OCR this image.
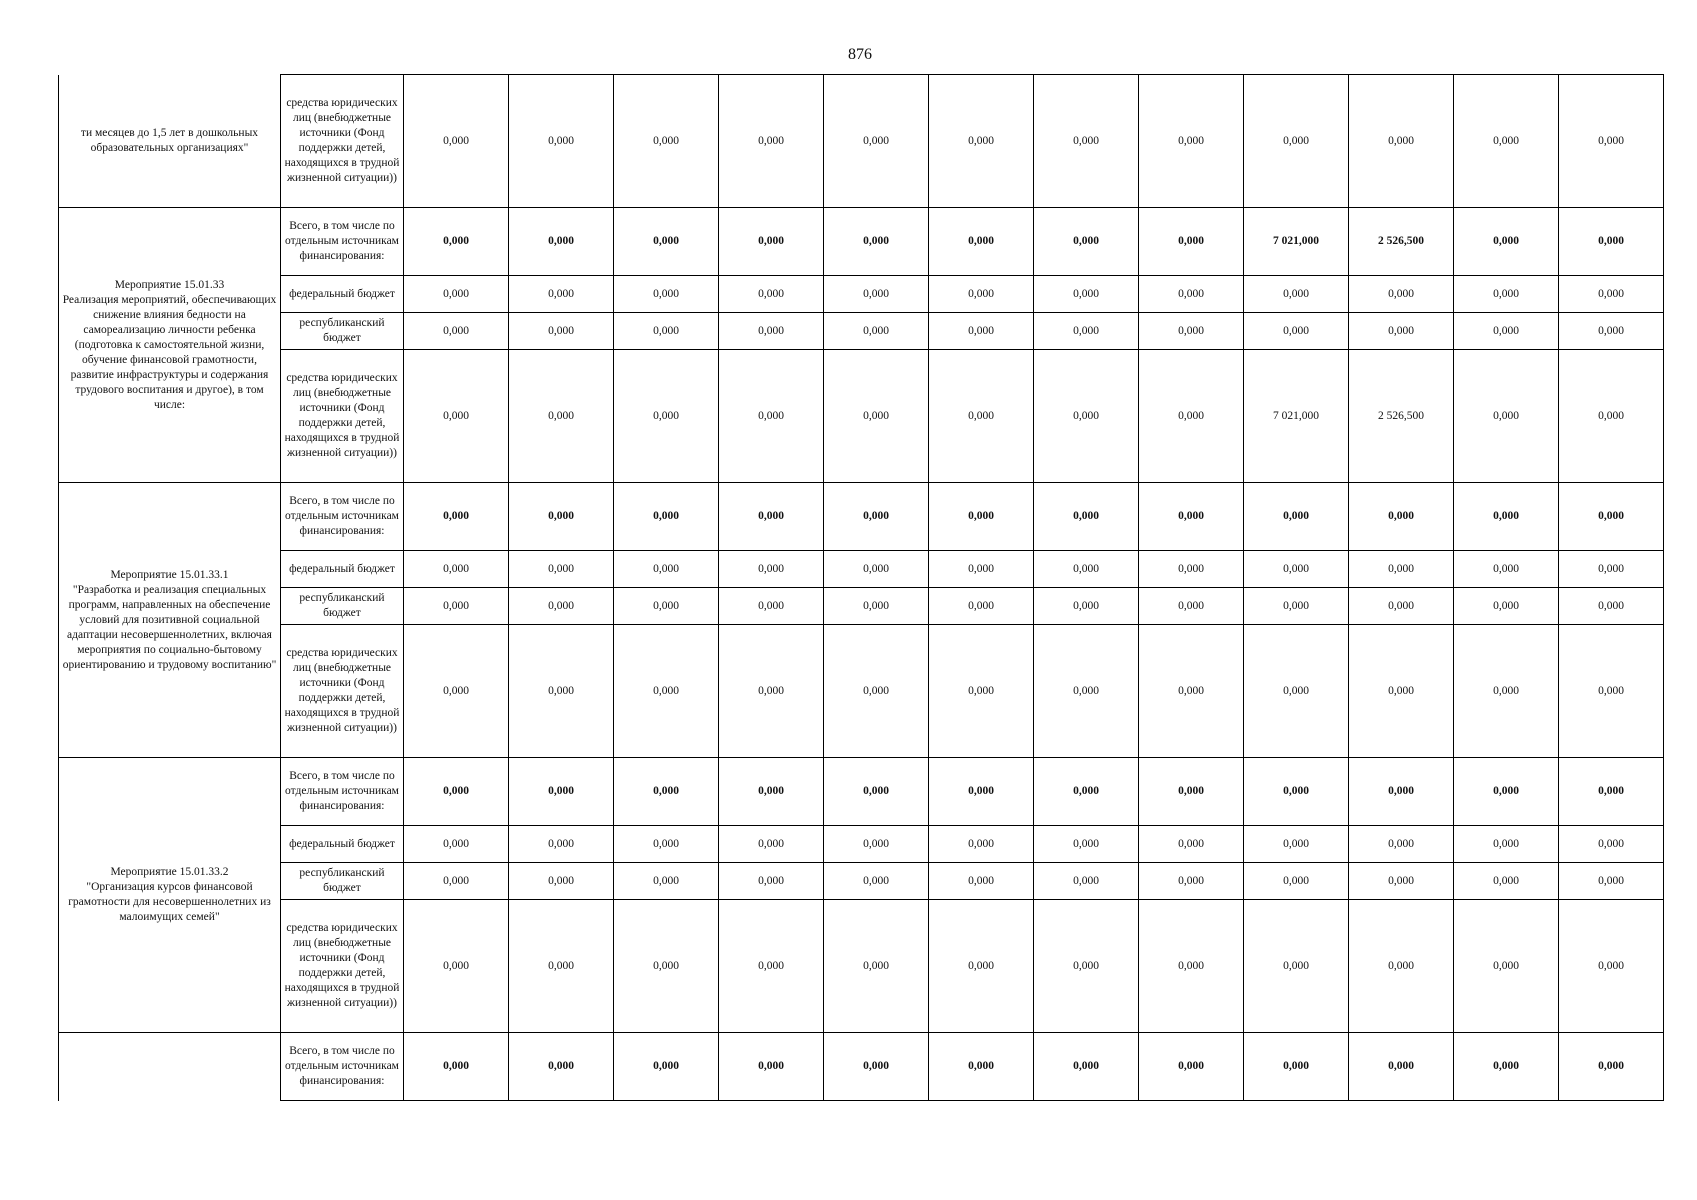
876
ти месяцев до 1,5 лет в дошкольных образовательных организациях"	средства юридических лиц (внебюджетные источники (Фонд поддержки детей, находящихся в трудной жизненной ситуации))	0,000	0,000	0,000	0,000	0,000	0,000	0,000	0,000	0,000	0,000	0,000	0,000
Мероприятие 15.01.33
Реализация мероприятий, обеспечивающих снижение влияния бедности на самореализацию личности ребенка (подготовка к самостоятельной жизни, обучение финансовой грамотности, развитие инфраструктуры и содержания трудового воспитания и другое), в том числе:	Всего, в том числе по отдельным источникам финансирования:	0,000	0,000	0,000	0,000	0,000	0,000	0,000	0,000	7 021,000	2 526,500	0,000	0,000
	федеральный бюджет	0,000	0,000	0,000	0,000	0,000	0,000	0,000	0,000	0,000	0,000	0,000	0,000
	республиканский бюджет	0,000	0,000	0,000	0,000	0,000	0,000	0,000	0,000	0,000	0,000	0,000	0,000
	средства юридических лиц (внебюджетные источники (Фонд поддержки детей, находящихся в трудной жизненной ситуации))	0,000	0,000	0,000	0,000	0,000	0,000	0,000	0,000	7 021,000	2 526,500	0,000	0,000
Мероприятие 15.01.33.1
"Разработка и реализация специальных программ, направленных на обеспечение условий для позитивной социальной адаптации несовершеннолетних, включая мероприятия по социально-бытовому ориентированию и трудовому воспитанию"	Всего, в том числе по отдельным источникам финансирования:	0,000	0,000	0,000	0,000	0,000	0,000	0,000	0,000	0,000	0,000	0,000	0,000
	федеральный бюджет	0,000	0,000	0,000	0,000	0,000	0,000	0,000	0,000	0,000	0,000	0,000	0,000
	республиканский бюджет	0,000	0,000	0,000	0,000	0,000	0,000	0,000	0,000	0,000	0,000	0,000	0,000
	средства юридических лиц (внебюджетные источники (Фонд поддержки детей, находящихся в трудной жизненной ситуации))	0,000	0,000	0,000	0,000	0,000	0,000	0,000	0,000	0,000	0,000	0,000	0,000
Мероприятие 15.01.33.2
"Организация курсов финансовой грамотности для несовершеннолетних из малоимущих семей"	Всего, в том числе по отдельным источникам финансирования:	0,000	0,000	0,000	0,000	0,000	0,000	0,000	0,000	0,000	0,000	0,000	0,000
	федеральный бюджет	0,000	0,000	0,000	0,000	0,000	0,000	0,000	0,000	0,000	0,000	0,000	0,000
	республиканский бюджет	0,000	0,000	0,000	0,000	0,000	0,000	0,000	0,000	0,000	0,000	0,000	0,000
	средства юридических лиц (внебюджетные источники (Фонд поддержки детей, находящихся в трудной жизненной ситуации))	0,000	0,000	0,000	0,000	0,000	0,000	0,000	0,000	0,000	0,000	0,000	0,000
	Всего, в том числе по отдельным источникам финансирования:	0,000	0,000	0,000	0,000	0,000	0,000	0,000	0,000	0,000	0,000	0,000	0,000
